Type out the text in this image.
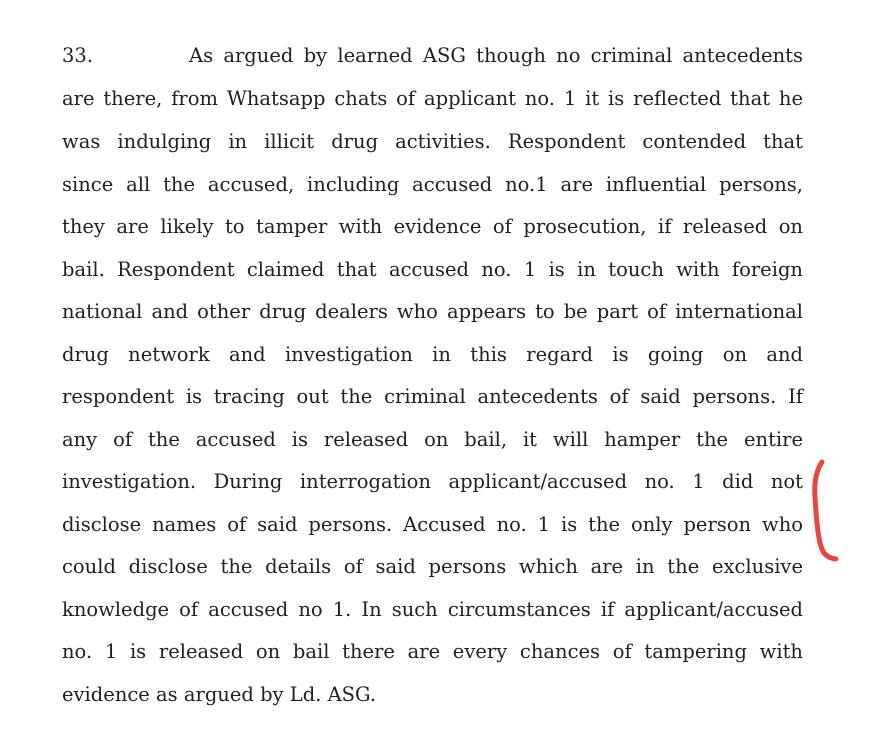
33.	As argued by learned ASG though no criminal antecedents
are there, from Whatsapp chats of applicant no. 1 it is reflected that he
was indulging in illicit drug activities. Respondent contended that
since all the accused, including accused no.1 are influential persons,
they are likely to tamper with evidence of prosecution, if released on
bail. Respondent claimed that accused no. 1 is in touch with foreign
national and other drug dealers who appears to be part of international
drug network and investigation in this regard is going on and
respondent is tracing out the criminal antecedents of said persons. If
any of the accused is released on bail, it will hamper the entire
investigation. During interrogation applicant/accused no. 1 did not
disclose names of said persons. Accused no. 1 is the only person who
could disclose the details of said persons which are in the exclusive
knowledge of accused no 1. In such circumstances if applicant/accused
no. 1 is released on bail there are every chances of tampering with
evidence as argued by Ld. ASG.
